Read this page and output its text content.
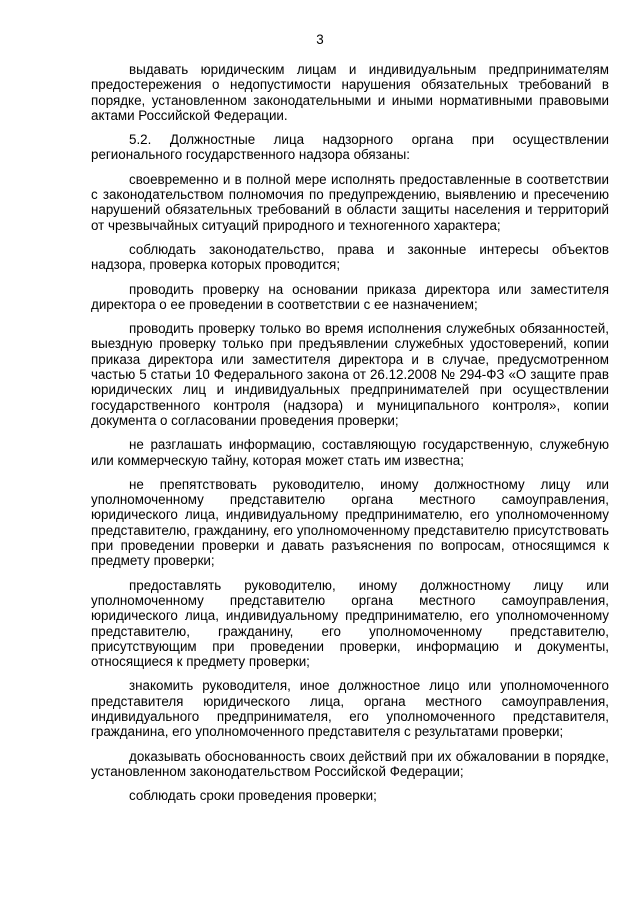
3

выдавать юридическим лицам и индивидуальным предпринимателям предостережения о недопустимости нарушения обязательных требований в порядке, установленном законодательными и иными нормативными правовыми актами Российской Федерации.

5.2. Должностные лица надзорного органа при осуществлении регионального государственного надзора обязаны:

своевременно и в полной мере исполнять предоставленные в соответствии с законодательством полномочия по предупреждению, выявлению и пресечению нарушений обязательных требований в области защиты населения и территорий от чрезвычайных ситуаций природного и техногенного характера;

соблюдать законодательство, права и законные интересы объектов надзора, проверка которых проводится;

проводить проверку на основании приказа директора или заместителя директора о ее проведении в соответствии с ее назначением;

проводить проверку только во время исполнения служебных обязанностей, выездную проверку только при предъявлении служебных удостоверений, копии приказа директора или заместителя директора и в случае, предусмотренном частью 5 статьи 10 Федерального закона от 26.12.2008 № 294-ФЗ «О защите прав юридических лиц и индивидуальных предпринимателей при осуществлении государственного контроля (надзора) и муниципального контроля», копии документа о согласовании проведения проверки;

не разглашать информацию, составляющую государственную, служебную или коммерческую тайну, которая может стать им известна;

не препятствовать руководителю, иному должностному лицу или уполномоченному представителю органа местного самоуправления, юридического лица, индивидуальному предпринимателю, его уполномоченному представителю, гражданину, его уполномоченному представителю присутствовать при проведении проверки и давать разъяснения по вопросам, относящимся к предмету проверки;

предоставлять руководителю, иному должностному лицу или уполномоченному представителю органа местного самоуправления, юридического лица, индивидуальному предпринимателю, его уполномоченному представителю, гражданину, его уполномоченному представителю, присутствующим при проведении проверки, информацию и документы, относящиеся к предмету проверки;

знакомить руководителя, иное должностное лицо или уполномоченного представителя юридического лица, органа местного самоуправления, индивидуального предпринимателя, его уполномоченного представителя, гражданина, его уполномоченного представителя с результатами проверки;

доказывать обоснованность своих действий при их обжаловании в порядке, установленном законодательством Российской Федерации;

соблюдать сроки проведения проверки;
